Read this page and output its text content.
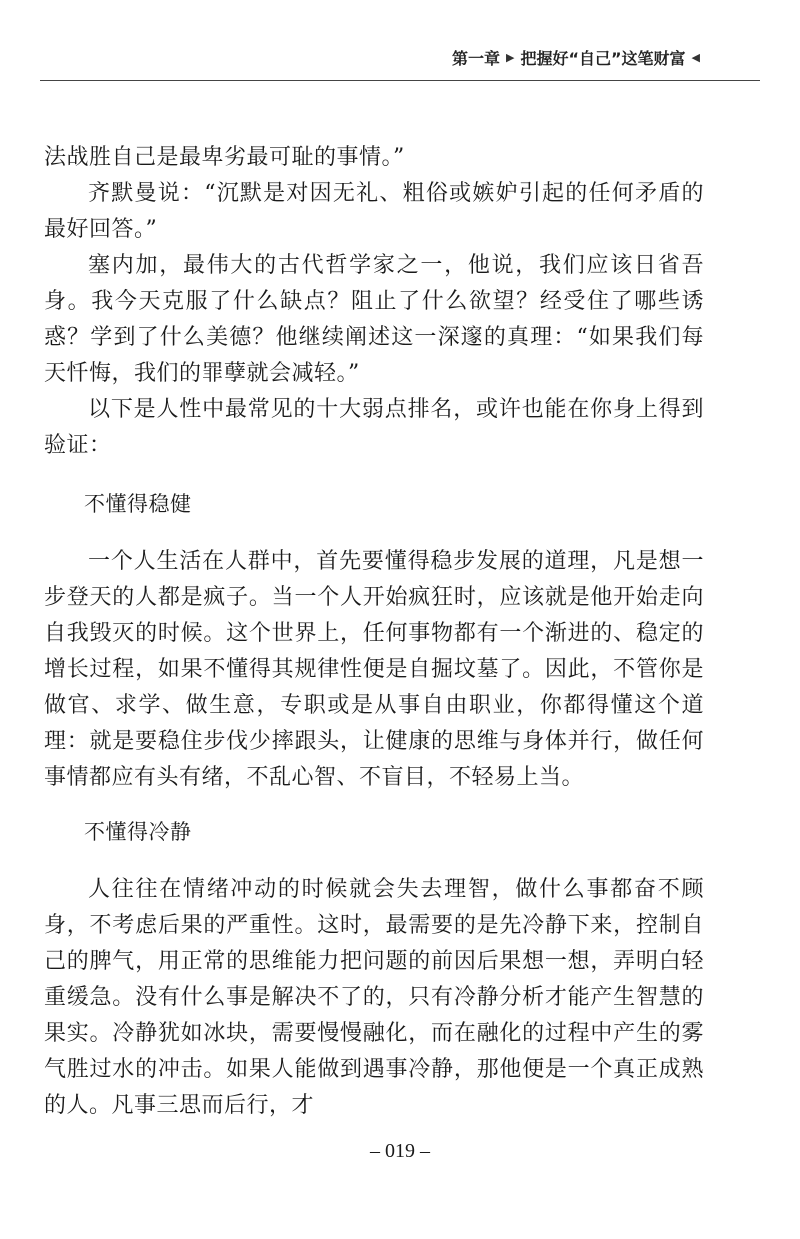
第一章 ▶ 把握好“自己”这笔财富 ◀

法战胜自己是最卑劣最可耻的事情。”

齐默曼说：“沉默是对因无礼、粗俗或嫉妒引起的任何矛盾的最好回答。”

塞内加，最伟大的古代哲学家之一，他说，我们应该日省吾身。我今天克服了什么缺点？阻止了什么欲望？经受住了哪些诱惑？学到了什么美德？他继续阐述这一深邃的真理：“如果我们每天忏悔，我们的罪孽就会减轻。”

以下是人性中最常见的十大弱点排名，或许也能在你身上得到验证：

不懂得稳健

一个人生活在人群中，首先要懂得稳步发展的道理，凡是想一步登天的人都是疯子。当一个人开始疯狂时，应该就是他开始走向自我毁灭的时候。这个世界上，任何事物都有一个渐进的、稳定的增长过程，如果不懂得其规律性便是自掘坟墓了。因此，不管你是做官、求学、做生意，专职或是从事自由职业，你都得懂这个道理：就是要稳住步伐少摔跟头，让健康的思维与身体并行，做任何事情都应有头有绪，不乱心智、不盲目，不轻易上当。

不懂得冷静

人往往在情绪冲动的时候就会失去理智，做什么事都奋不顾身，不考虑后果的严重性。这时，最需要的是先冷静下来，控制自己的脾气，用正常的思维能力把问题的前因后果想一想，弄明白轻重缓急。没有什么事是解决不了的，只有冷静分析才能产生智慧的果实。冷静犹如冰块，需要慢慢融化，而在融化的过程中产生的雾气胜过水的冲击。如果人能做到遇事冷静，那他便是一个真正成熟的人。凡事三思而后行，才

– 019 –
